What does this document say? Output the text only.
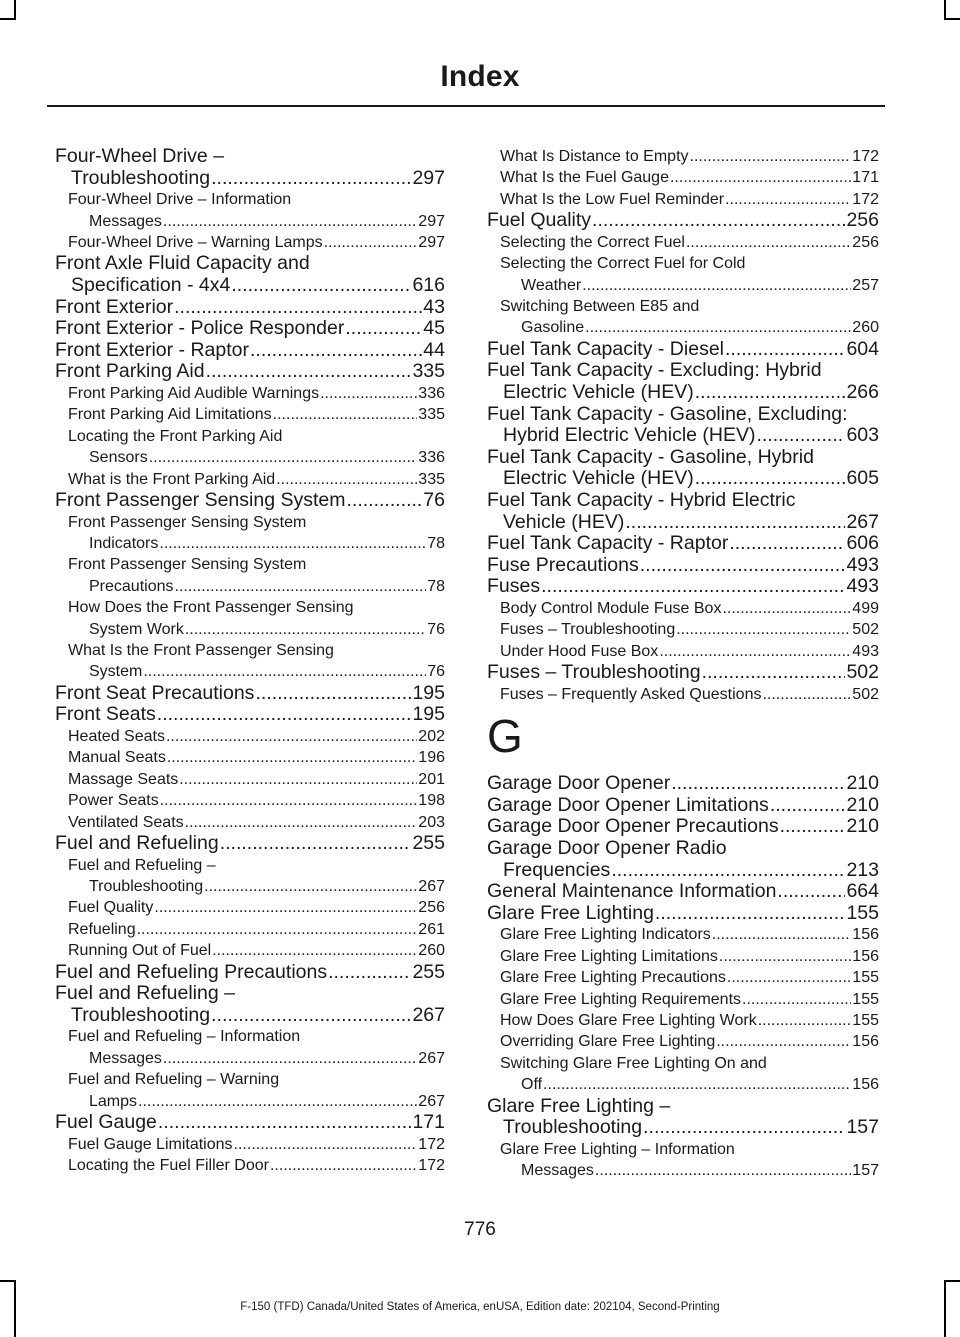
Index
Four-Wheel Drive –
Troubleshooting .....	297
Four-Wheel Drive – Information
Messages .....	297
Four-Wheel Drive – Warning Lamps .....	297
Front Axle Fluid Capacity and
Specification - 4x4 .....	616
Front Exterior .....	43
Front Exterior - Police Responder .....	45
Front Exterior - Raptor .....	44
Front Parking Aid .....	335
Front Parking Aid Audible Warnings .....	336
Front Parking Aid Limitations .....	335
Locating the Front Parking Aid
Sensors .....	336
What is the Front Parking Aid .....	335
Front Passenger Sensing System .....	76
Front Passenger Sensing System
Indicators .....	78
Front Passenger Sensing System
Precautions .....	78
How Does the Front Passenger Sensing
System Work .....	76
What Is the Front Passenger Sensing
System .....	76
Front Seat Precautions .....	195
Front Seats .....	195
Heated Seats .....	202
Manual Seats .....	196
Massage Seats .....	201
Power Seats .....	198
Ventilated Seats .....	203
Fuel and Refueling .....	255
Fuel and Refueling –
Troubleshooting .....	267
Fuel Quality .....	256
Refueling .....	261
Running Out of Fuel .....	260
Fuel and Refueling Precautions .....	255
Fuel and Refueling –
Troubleshooting .....	267
Fuel and Refueling – Information
Messages .....	267
Fuel and Refueling – Warning
Lamps .....	267
Fuel Gauge .....	171
Fuel Gauge Limitations .....	172
Locating the Fuel Filler Door .....	172
What Is Distance to Empty .....	172
What Is the Fuel Gauge .....	171
What Is the Low Fuel Reminder .....	172
Fuel Quality .....	256
Selecting the Correct Fuel .....	256
Selecting the Correct Fuel for Cold
Weather .....	257
Switching Between E85 and
Gasoline .....	260
Fuel Tank Capacity - Diesel .....	604
Fuel Tank Capacity - Excluding: Hybrid
Electric Vehicle (HEV) .....	266
Fuel Tank Capacity - Gasoline, Excluding:
Hybrid Electric Vehicle (HEV) .....	603
Fuel Tank Capacity - Gasoline, Hybrid
Electric Vehicle (HEV) .....	605
Fuel Tank Capacity - Hybrid Electric
Vehicle (HEV) .....	267
Fuel Tank Capacity - Raptor .....	606
Fuse Precautions .....	493
Fuses .....	493
Body Control Module Fuse Box .....	499
Fuses – Troubleshooting .....	502
Under Hood Fuse Box .....	493
Fuses – Troubleshooting .....	502
Fuses – Frequently Asked Questions .....	502
G
Garage Door Opener .....	210
Garage Door Opener Limitations .....	210
Garage Door Opener Precautions .....	210
Garage Door Opener Radio
Frequencies .....	213
General Maintenance Information .....	664
Glare Free Lighting .....	155
Glare Free Lighting Indicators .....	156
Glare Free Lighting Limitations .....	156
Glare Free Lighting Precautions .....	155
Glare Free Lighting Requirements .....	155
How Does Glare Free Lighting Work .....	155
Overriding Glare Free Lighting .....	156
Switching Glare Free Lighting On and
Off .....	156
Glare Free Lighting –
Troubleshooting .....	157
Glare Free Lighting – Information
Messages .....	157
776
F-150 (TFD) Canada/United States of America, enUSA, Edition date: 202104, Second-Printing
